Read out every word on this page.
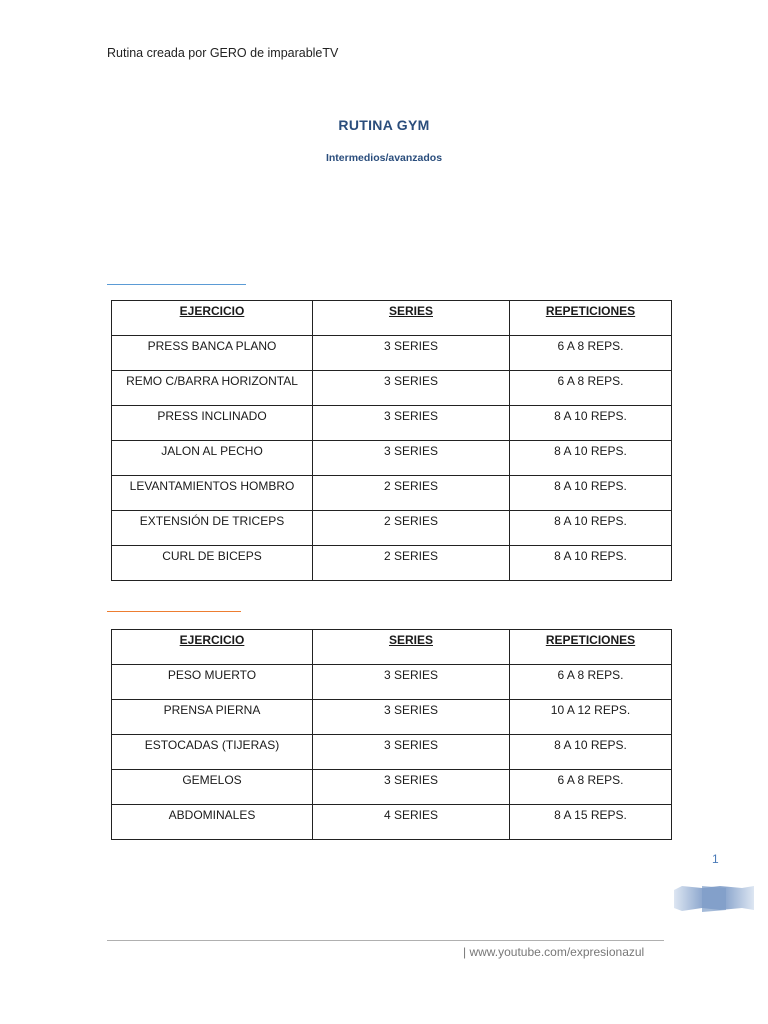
Rutina creada por GERO de imparableTV
RUTINA GYM
Intermedios/avanzados
EJERCICIO	SERIES	REPETICIONES
PRESS BANCA PLANO	3 SERIES	6 A 8 REPS.
REMO C/BARRA HORIZONTAL	3 SERIES	6 A 8 REPS.
PRESS INCLINADO	3 SERIES	8 A 10 REPS.
JALON AL PECHO	3 SERIES	8 A 10 REPS.
LEVANTAMIENTOS HOMBRO	2 SERIES	8 A 10 REPS.
EXTENSIÓN DE TRICEPS	2 SERIES	8 A 10 REPS.
CURL DE BICEPS	2 SERIES	8 A 10 REPS.
EJERCICIO	SERIES	REPETICIONES
PESO MUERTO	3 SERIES	6 A 8 REPS.
PRENSA PIERNA	3 SERIES	10 A 12 REPS.
ESTOCADAS (TIJERAS)	3 SERIES	8 A 10 REPS.
GEMELOS	3 SERIES	6 A 8 REPS.
ABDOMINALES	4 SERIES	8 A 15 REPS.
1
| www.youtube.com/expresionazul
